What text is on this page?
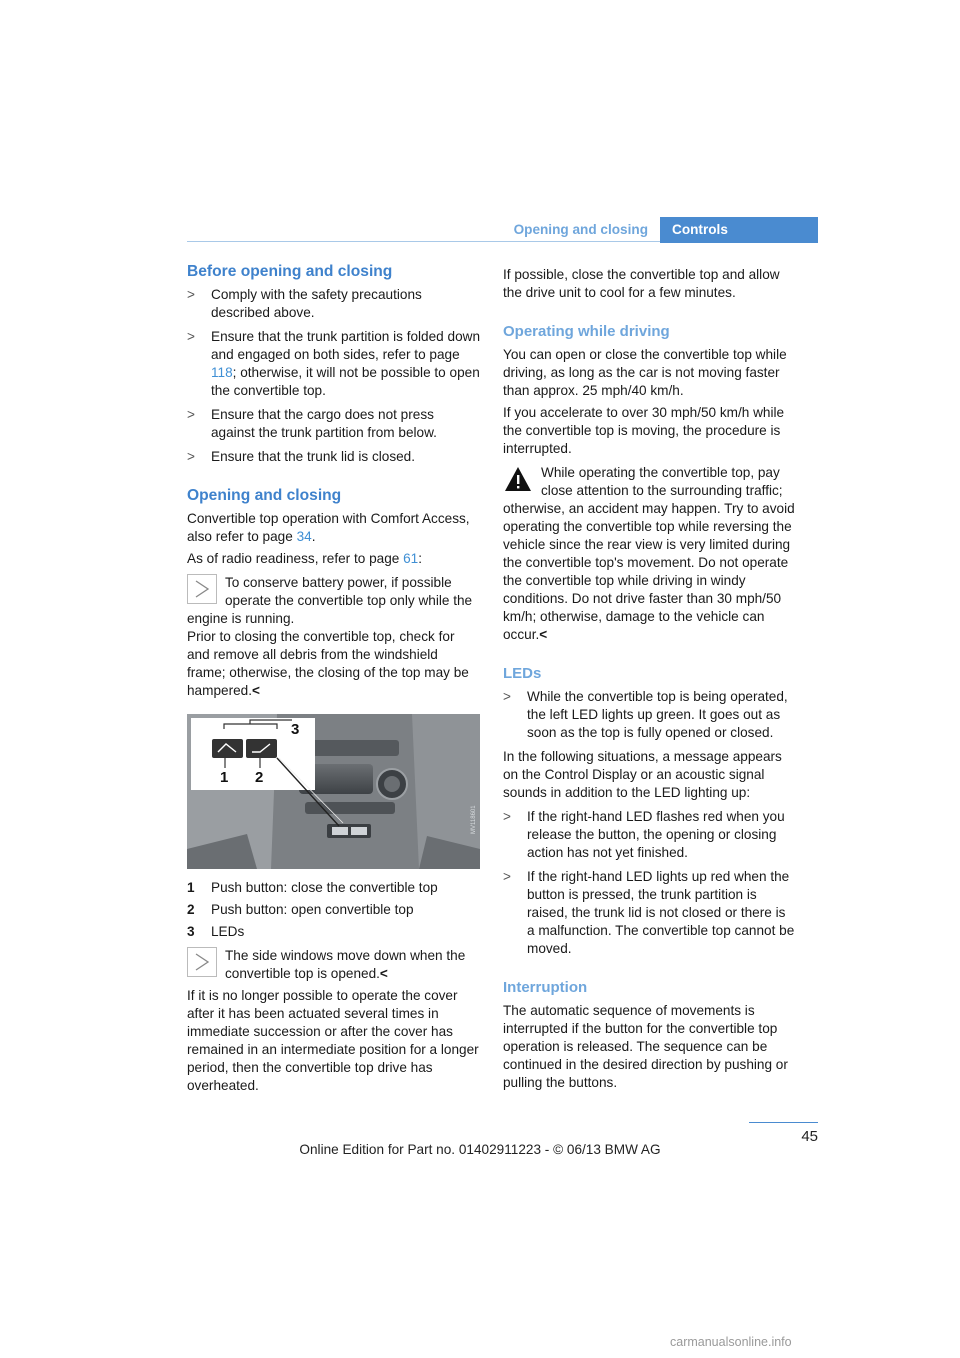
Opening and closing	Controls
Before opening and closing
> Comply with the safety precautions described above.
> Ensure that the trunk partition is folded down and engaged on both sides, refer to page 118; otherwise, it will not be possible to open the convertible top.
> Ensure that the cargo does not press against the trunk partition from below.
> Ensure that the trunk lid is closed.
Opening and closing

Convertible top operation with Comfort Access, also refer to page 34.

As of radio readiness, refer to page 61:

To conserve battery power, if possible operate the convertible top only while the engine is running.
Prior to closing the convertible top, check for and remove all debris from the windshield frame; otherwise, the closing of the top may be hampered.<
3
1 2
MV118601
1 Push button: close the convertible top
2 Push button: open convertible top
3 LEDs
The side windows move down when the convertible top is opened.<

If it is no longer possible to operate the cover after it has been actuated several times in immediate succession or after the cover has remained in an intermediate position for a longer period, then the convertible top drive has overheated.

If possible, close the convertible top and allow the drive unit to cool for a few minutes.

Operating while driving

You can open or close the convertible top while driving, as long as the car is not moving faster than approx. 25 mph/40 km/h.

If you accelerate to over 30 mph/50 km/h while the convertible top is moving, the procedure is interrupted.

While operating the convertible top, pay close attention to the surrounding traffic; otherwise, an accident may happen. Try to avoid operating the convertible top while reversing the vehicle since the rear view is very limited during the convertible top's movement. Do not operate the convertible top while driving in windy conditions. Do not drive faster than 30 mph/50 km/h; otherwise, damage to the vehicle can occur.<
LEDs
> While the convertible top is being operated, the left LED lights up green. It goes out as soon as the top is fully opened or closed.

In the following situations, a message appears on the Control Display or an acoustic signal sounds in addition to the LED lighting up:

> If the right-hand LED flashes red when you release the button, the opening or closing action has not yet finished.
> If the right-hand LED lights up red when the button is pressed, the trunk partition is raised, the trunk lid is not closed or there is a malfunction. The convertible top cannot be moved.
Interruption

The automatic sequence of movements is interrupted if the button for the convertible top operation is released. The sequence can be continued in the desired direction by pushing or pulling the buttons.

45
Online Edition for Part no. 01402911223 - © 06/13 BMW AG
carmanualsonline.info
